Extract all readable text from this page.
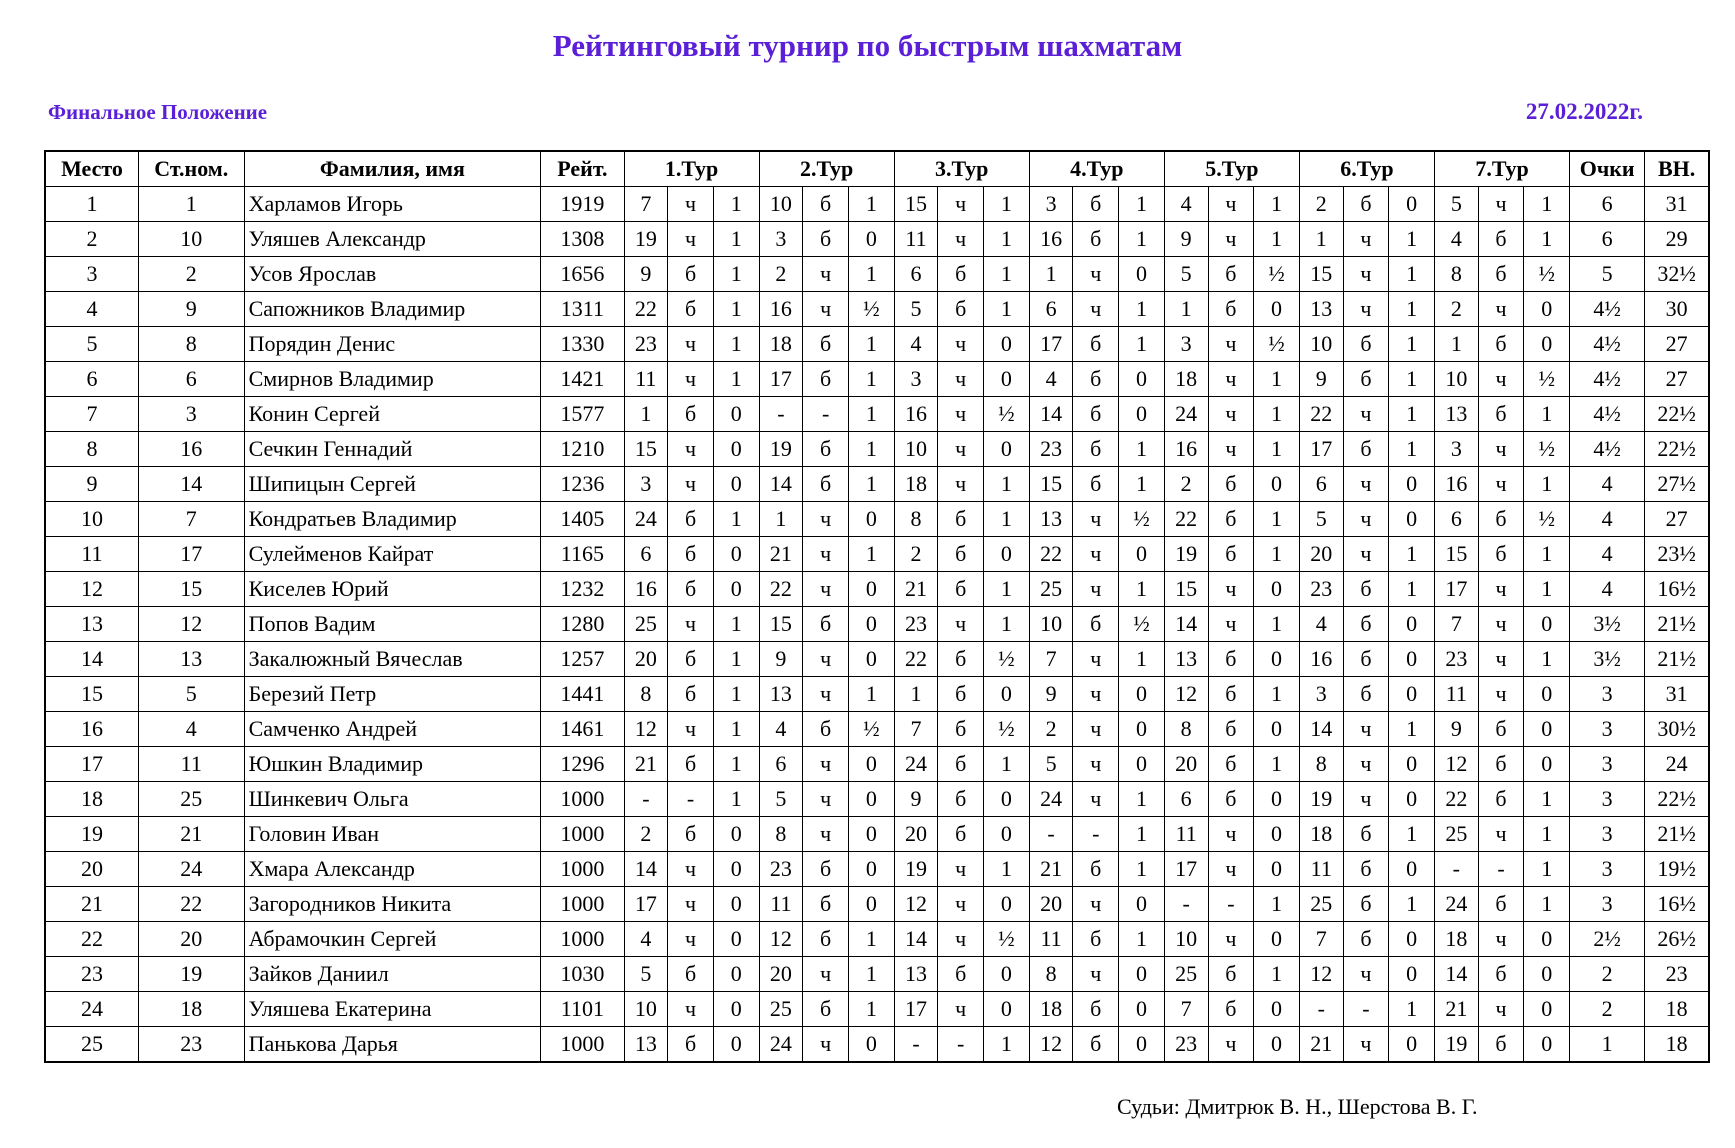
Рейтинговый турнир по быстрым шахматам
Финальное Положение	27.02.2022г.
Место	Ст.ном.	Фамилия, имя	Рейт.	1.Тур			2.Тур			3.Тур			4.Тур			5.Тур			6.Тур			7.Тур			Очки	ВН.
1	1	Харламов Игорь	1919	7	ч	1	10	б	1	15	ч	1	3	б	1	4	ч	1	2	б	0	5	ч	1	6	31
2	10	Уляшев Александр	1308	19	ч	1	3	б	0	11	ч	1	16	б	1	9	ч	1	1	ч	1	4	б	1	6	29
3	2	Усов Ярослав	1656	9	б	1	2	ч	1	6	б	1	1	ч	0	5	б	½	15	ч	1	8	б	½	5	32½
4	9	Сапожников Владимир	1311	22	б	1	16	ч	½	5	б	1	6	ч	1	1	б	0	13	ч	1	2	ч	0	4½	30
5	8	Порядин Денис	1330	23	ч	1	18	б	1	4	ч	0	17	б	1	3	ч	½	10	б	1	1	б	0	4½	27
6	6	Смирнов Владимир	1421	11	ч	1	17	б	1	3	ч	0	4	б	0	18	ч	1	9	б	1	10	ч	½	4½	27
7	3	Конин Сергей	1577	1	б	0	-	-	1	16	ч	½	14	б	0	24	ч	1	22	ч	1	13	б	1	4½	22½
8	16	Сечкин Геннадий	1210	15	ч	0	19	б	1	10	ч	0	23	б	1	16	ч	1	17	б	1	3	ч	½	4½	22½
9	14	Шипицын Сергей	1236	3	ч	0	14	б	1	18	ч	1	15	б	1	2	б	0	6	ч	0	16	ч	1	4	27½
10	7	Кондратьев Владимир	1405	24	б	1	1	ч	0	8	б	1	13	ч	½	22	б	1	5	ч	0	6	б	½	4	27
11	17	Сулейменов Кайрат	1165	6	б	0	21	ч	1	2	б	0	22	ч	0	19	б	1	20	ч	1	15	б	1	4	23½
12	15	Киселев Юрий	1232	16	б	0	22	ч	0	21	б	1	25	ч	1	15	ч	0	23	б	1	17	ч	1	4	16½
13	12	Попов Вадим	1280	25	ч	1	15	б	0	23	ч	1	10	б	½	14	ч	1	4	б	0	7	ч	0	3½	21½
14	13	Закалюжный Вячеслав	1257	20	б	1	9	ч	0	22	б	½	7	ч	1	13	б	0	16	б	0	23	ч	1	3½	21½
15	5	Березий Петр	1441	8	б	1	13	ч	1	1	б	0	9	ч	0	12	б	1	3	б	0	11	ч	0	3	31
16	4	Самченко Андрей	1461	12	ч	1	4	б	½	7	б	½	2	ч	0	8	б	0	14	ч	1	9	б	0	3	30½
17	11	Юшкин Владимир	1296	21	б	1	6	ч	0	24	б	1	5	ч	0	20	б	1	8	ч	0	12	б	0	3	24
18	25	Шинкевич Ольга	1000	-	-	1	5	ч	0	9	б	0	24	ч	1	6	б	0	19	ч	0	22	б	1	3	22½
19	21	Головин Иван	1000	2	б	0	8	ч	0	20	б	0	-	-	1	11	ч	0	18	б	1	25	ч	1	3	21½
20	24	Хмара Александр	1000	14	ч	0	23	б	0	19	ч	1	21	б	1	17	ч	0	11	б	0	-	-	1	3	19½
21	22	Загородников Никита	1000	17	ч	0	11	б	0	12	ч	0	20	ч	0	-	-	1	25	б	1	24	б	1	3	16½
22	20	Абрамочкин Сергей	1000	4	ч	0	12	б	1	14	ч	½	11	б	1	10	ч	0	7	б	0	18	ч	0	2½	26½
23	19	Зайков Даниил	1030	5	б	0	20	ч	1	13	б	0	8	ч	0	25	б	1	12	ч	0	14	б	0	2	23
24	18	Уляшева Екатерина	1101	10	ч	0	25	б	1	17	ч	0	18	б	0	7	б	0	-	-	1	21	ч	0	2	18
25	23	Панькова Дарья	1000	13	б	0	24	ч	0	-	-	1	12	б	0	23	ч	0	21	ч	0	19	б	0	1	18
Судьи: Дмитрюк В. Н., Шерстова В. Г.
